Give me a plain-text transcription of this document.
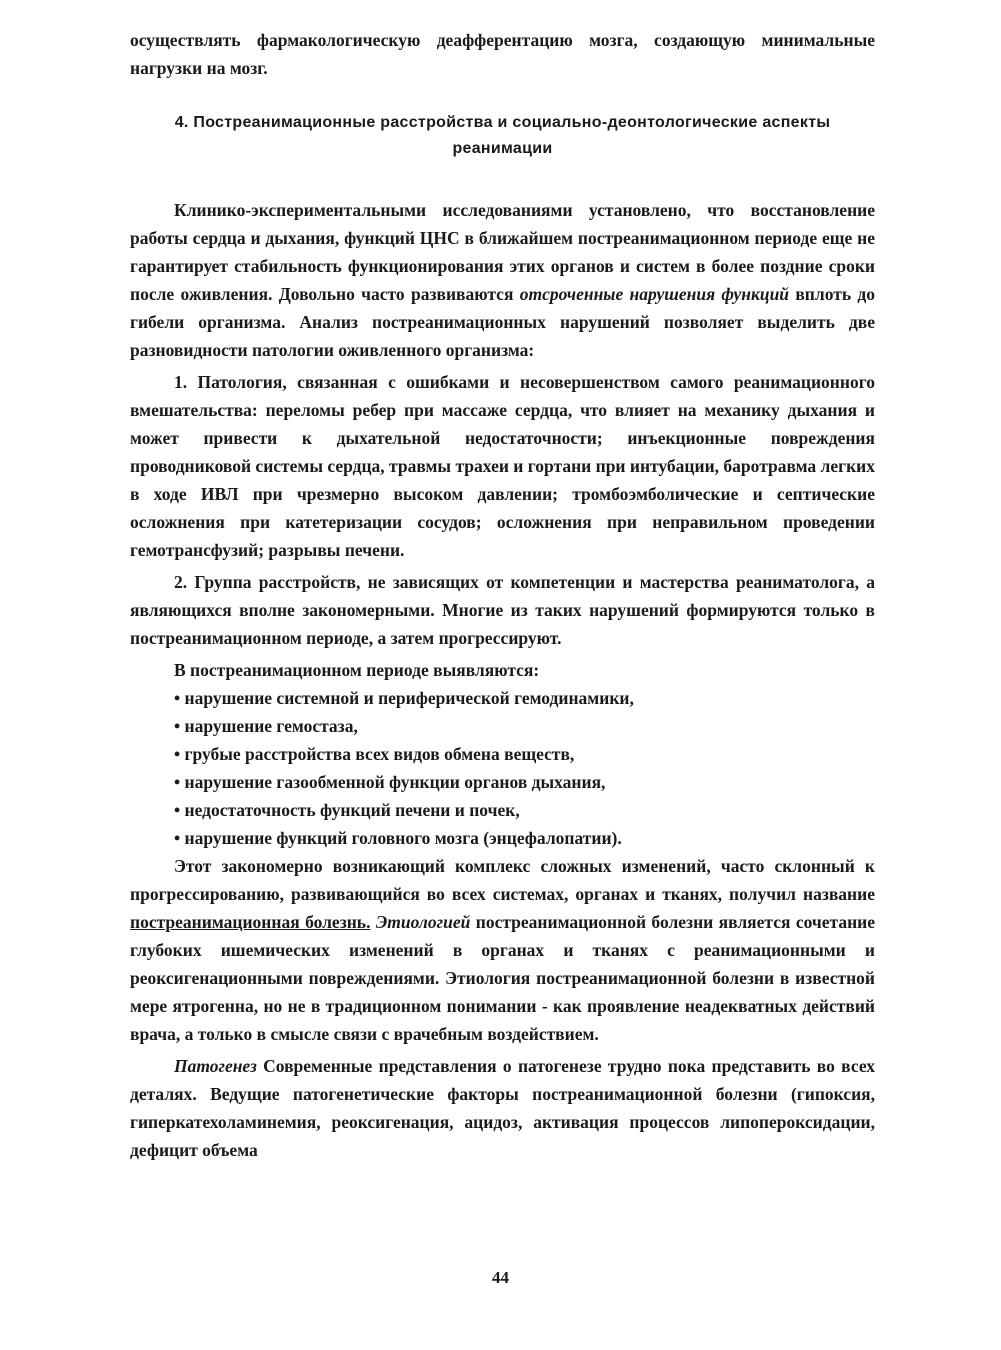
осуществлять фармакологическую деафферентацию мозга, создающую минимальные нагрузки на мозг.

4. Постреанимационные расстройства и социально-деонтологические аспекты реанимации

Клинико-экспериментальными исследованиями установлено, что восстановление работы сердца и дыхания, функций ЦНС в ближайшем постреанимационном периоде еще не гарантирует стабильность функционирования этих органов и систем в более поздние сроки после оживления. Довольно часто развиваются отсроченные нарушения функций вплоть до гибели организма. Анализ постреанимационных нарушений позволяет выделить две разновидности патологии оживленного организма:

1. Патология, связанная с ошибками и несовершенством самого реанимационного вмешательства: переломы ребер при массаже сердца, что влияет на механику дыхания и может привести к дыхательной недостаточности; инъекционные повреждения проводниковой системы сердца, травмы трахеи и гортани при интубации, баротравма легких в ходе ИВЛ при чрезмерно высоком давлении; тромбоэмболические и септические осложнения при катетеризации сосудов; осложнения при неправильном проведении гемотрансфузий; разрывы печени.

2. Группа расстройств, не зависящих от компетенции и мастерства реаниматолога, а являющихся вполне закономерными. Многие из таких нарушений формируются только в постреанимационном периоде, а затем прогрессируют.

В постреанимационном периоде выявляются:

• нарушение системной и периферической гемодинамики,

• нарушение гемостаза,

• грубые расстройства всех видов обмена веществ,

• нарушение газообменной функции органов дыхания,

• недостаточность функций печени и почек,

• нарушение функций головного мозга (энцефалопатии).

Этот закономерно возникающий комплекс сложных изменений, часто склонный к прогрессированию, развивающийся во всех системах, органах и тканях, получил название постреанимационная болезнь. Этиологией постреанимационной болезни является сочетание глубоких ишемических изменений в органах и тканях с реанимационными и реоксигенационными повреждениями. Этиология постреанимационной болезни в известной мере ятрогенна, но не в традиционном понимании - как проявление неадекватных действий врача, а только в смысле связи с врачебным воздействием.

Патогенез Современные представления о патогенезе трудно пока представить во всех деталях. Ведущие патогенетические факторы постреанимационной болезни (гипоксия, гиперкатехоламинемия, реоксигенация, ацидоз, активация процессов липопероксидации, дефицит объема

44
